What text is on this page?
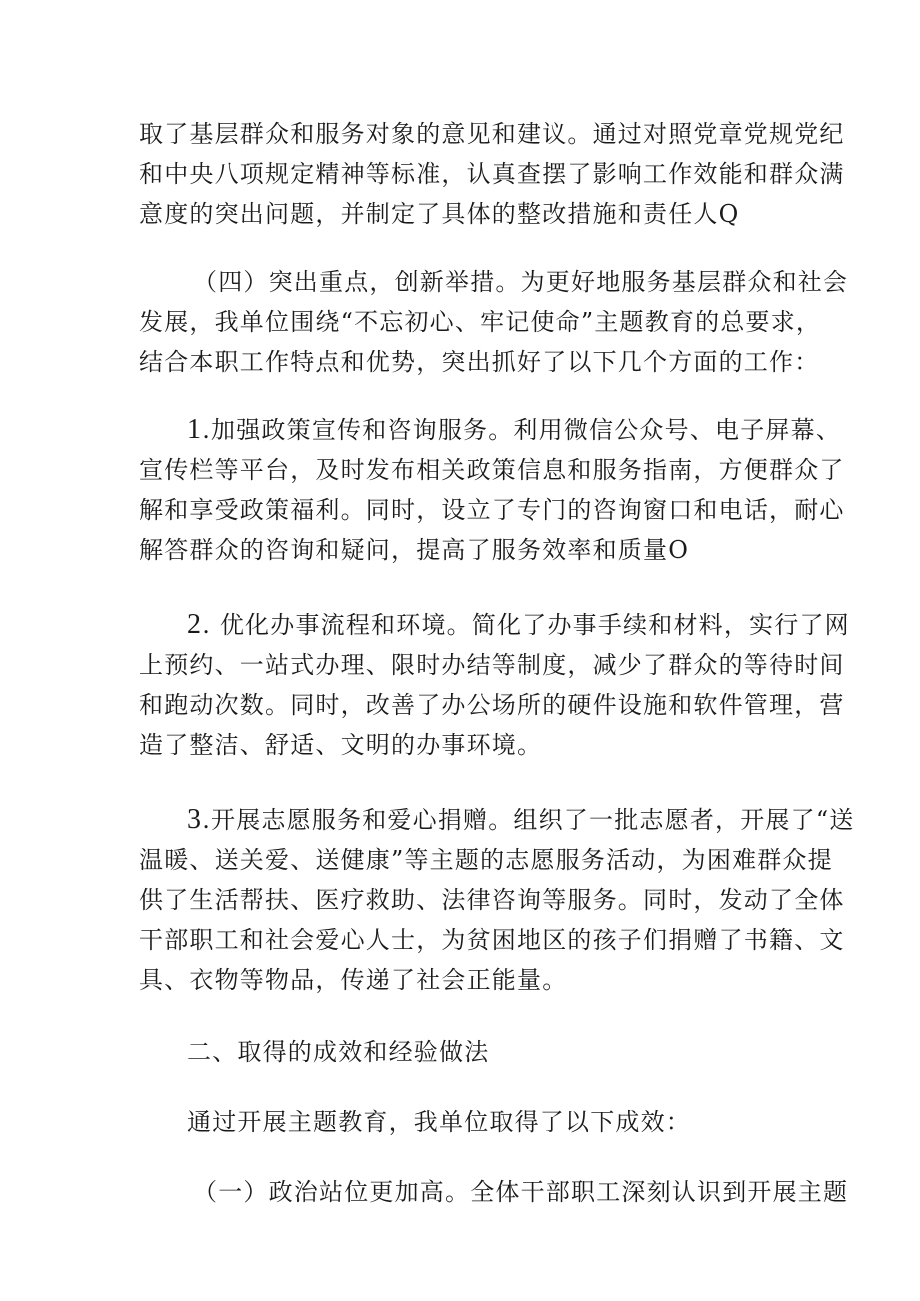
取了基层群众和服务对象的意见和建议。通过对照党章党规党纪
和中央八项规定精神等标准，认真查摆了影响工作效能和群众满
意度的突出问题，并制定了具体的整改措施和责任人Q
（四）突出重点，创新举措。为更好地服务基层群众和社会
发展，我单位围绕“不忘初心、牢记使命”主题教育的总要求，
结合本职工作特点和优势，突出抓好了以下几个方面的工作：
1.加强政策宣传和咨询服务。利用微信公众号、电子屏幕、
宣传栏等平台，及时发布相关政策信息和服务指南，方便群众了
解和享受政策福利。同时，设立了专门的咨询窗口和电话，耐心
解答群众的咨询和疑问，提高了服务效率和质量O
2. 优化办事流程和环境。简化了办事手续和材料，实行了网
上预约、一站式办理、限时办结等制度，减少了群众的等待时间
和跑动次数。同时，改善了办公场所的硬件设施和软件管理，营
造了整洁、舒适、文明的办事环境。
3.开展志愿服务和爱心捐赠。组织了一批志愿者，开展了“送
温暖、送关爱、送健康”等主题的志愿服务活动，为困难群众提
供了生活帮扶、医疗救助、法律咨询等服务。同时，发动了全体
干部职工和社会爱心人士，为贫困地区的孩子们捐赠了书籍、文
具、衣物等物品，传递了社会正能量。
二、取得的成效和经验做法
通过开展主题教育，我单位取得了以下成效：
（一）政治站位更加高。全体干部职工深刻认识到开展主题
